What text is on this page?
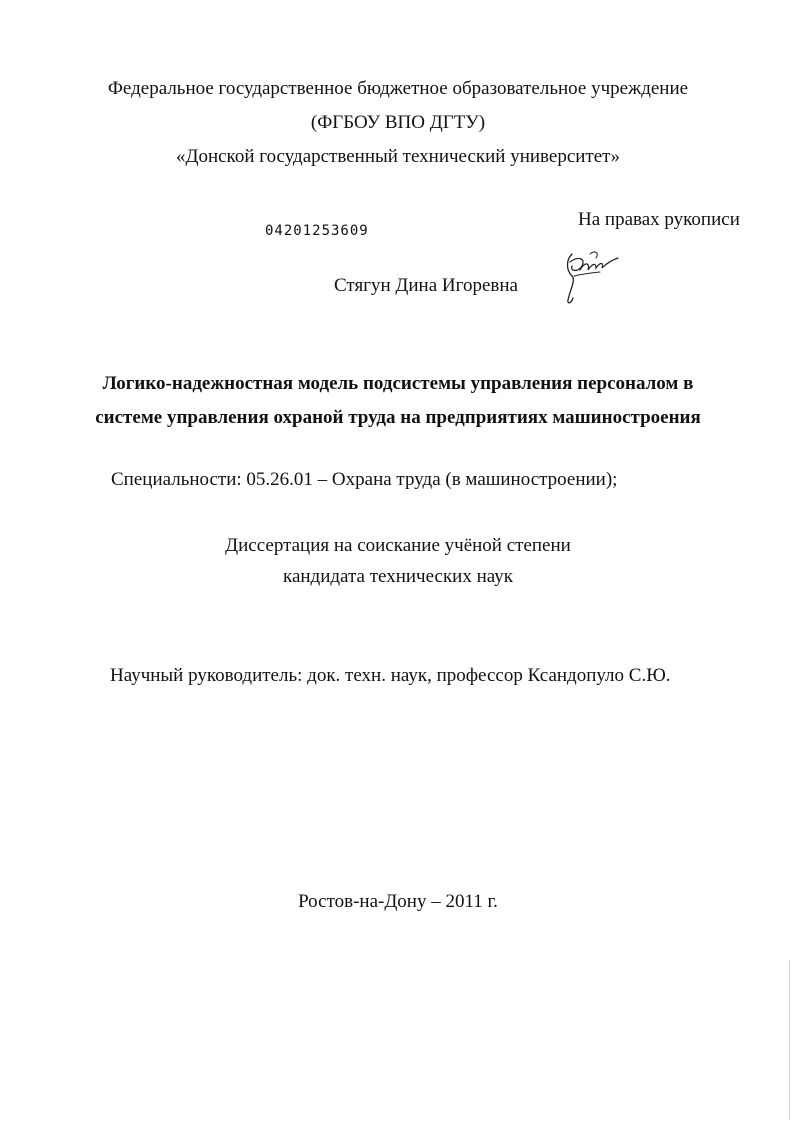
Федеральное государственное бюджетное образовательное учреждение
(ФГБОУ ВПО ДГТУ)
«Донской государственный технический университет»
04201253609
На правах рукописи
Стягун Дина Игоревна
Логико-надежностная модель подсистемы управления персоналом в
системе управления охраной труда на предприятиях машиностроения
Специальности: 05.26.01 – Охрана труда (в машиностроении);
Диссертация на соискание учёной степени
кандидата технических наук
Научный руководитель: док. техн. наук, профессор Ксандопуло С.Ю.
Ростов-на-Дону – 2011 г.
